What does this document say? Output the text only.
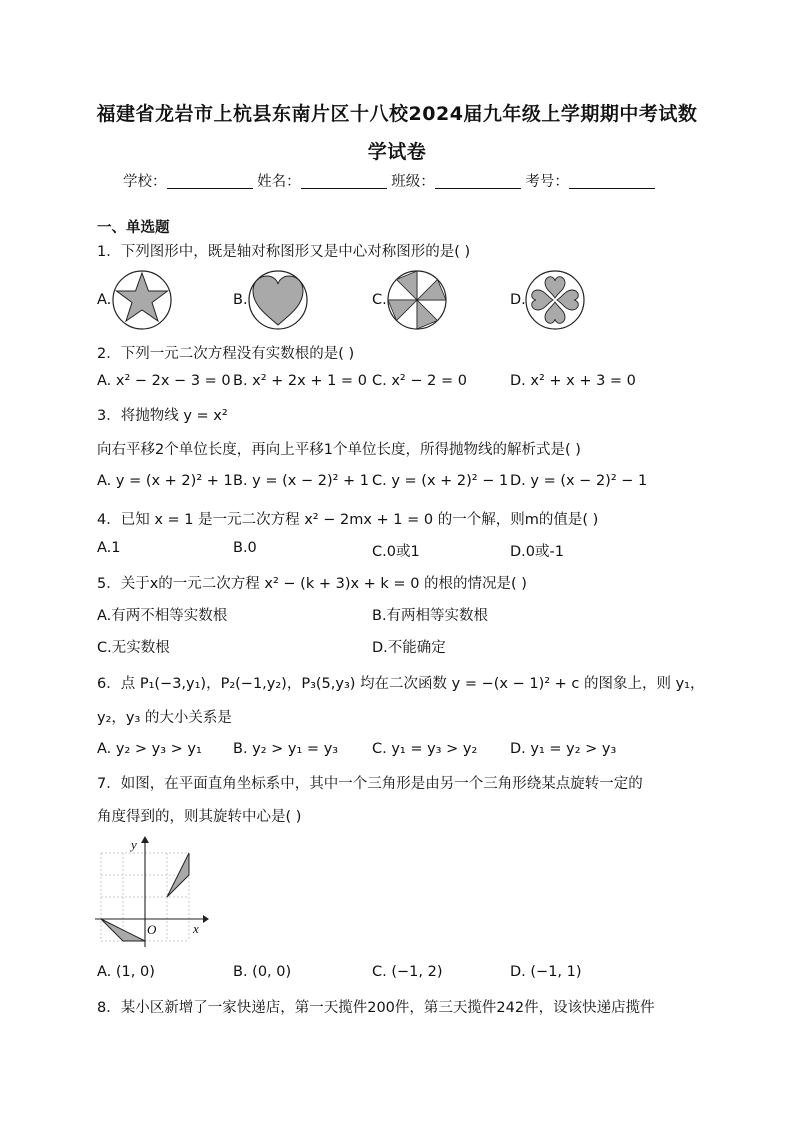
福建省龙岩市上杭县东南片区十八校2024届九年级上学期期中考试数
学试卷
学校：	姓名：	班级：	考号：
一、单选题
1．下列图形中，既是轴对称图形又是中心对称图形的是( )
A.	B.	C.	D.
2．下列一元二次方程没有实数根的是( )
A. x² − 2x − 3 = 0 B. x² + 2x + 1 = 0 C. x² − 2 = 0	D. x² + x + 3 = 0
3．将抛物线 y = x²
向右平移2个单位长度，再向上平移1个单位长度，所得抛物线的解析式是( )
A. y = (x + 2)² + 1 B. y = (x − 2)² + 1 C. y = (x + 2)² − 1 D. y = (x − 2)² − 1
4．已知 x = 1 是一元二次方程 x² − 2mx + 1 = 0 的一个解，则m的值是( )
A.1	B.0	C.0或1	D.0或-1
5．关于x的一元二次方程 x² − (k + 3)x + k = 0 的根的情况是( )
A.有两不相等实数根	B.有两相等实数根
C.无实数根	D.不能确定
6．点 P₁(−3,y₁)，P₂(−1,y₂)，P₃(5,y₃) 均在二次函数 y = −(x − 1)² + c 的图象上，则 y₁，
y₂，y₃ 的大小关系是
A. y₂ > y₃ > y₁ B. y₂ > y₁ = y₃ C. y₁ = y₃ > y₂ D. y₁ = y₂ > y₃
7．如图，在平面直角坐标系中，其中一个三角形是由另一个三角形绕某点旋转一定的
角度得到的，则其旋转中心是( )
y
x
O
A. (1, 0)	B. (0, 0)	C. (−1, 2)	D. (−1, 1)
8．某小区新增了一家快递店，第一天揽件200件，第三天揽件242件，设该快递店揽件
